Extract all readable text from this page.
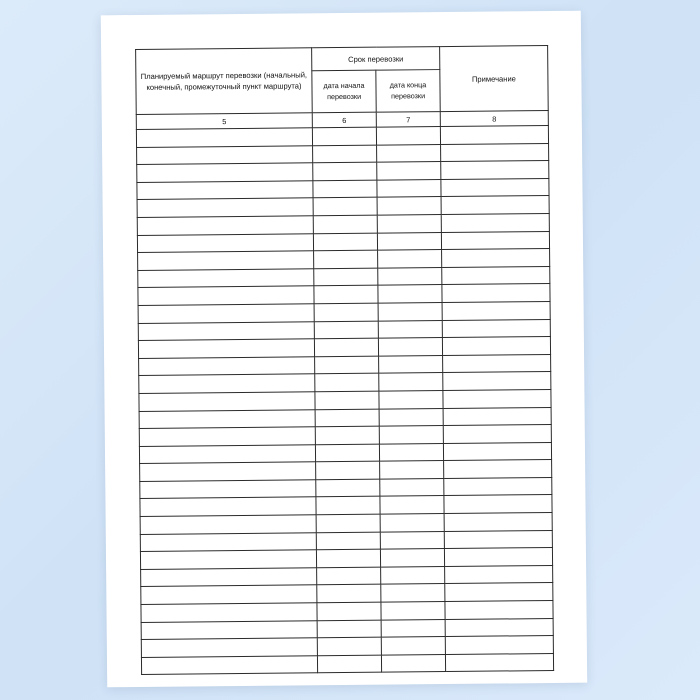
Планируемый маршрут перевозки (начальный, конечный, промежуточный пункт маршрута)	Срок перевозки		Примечание
	дата начала перевозки	дата конца перевозки	
5	6	7	8
